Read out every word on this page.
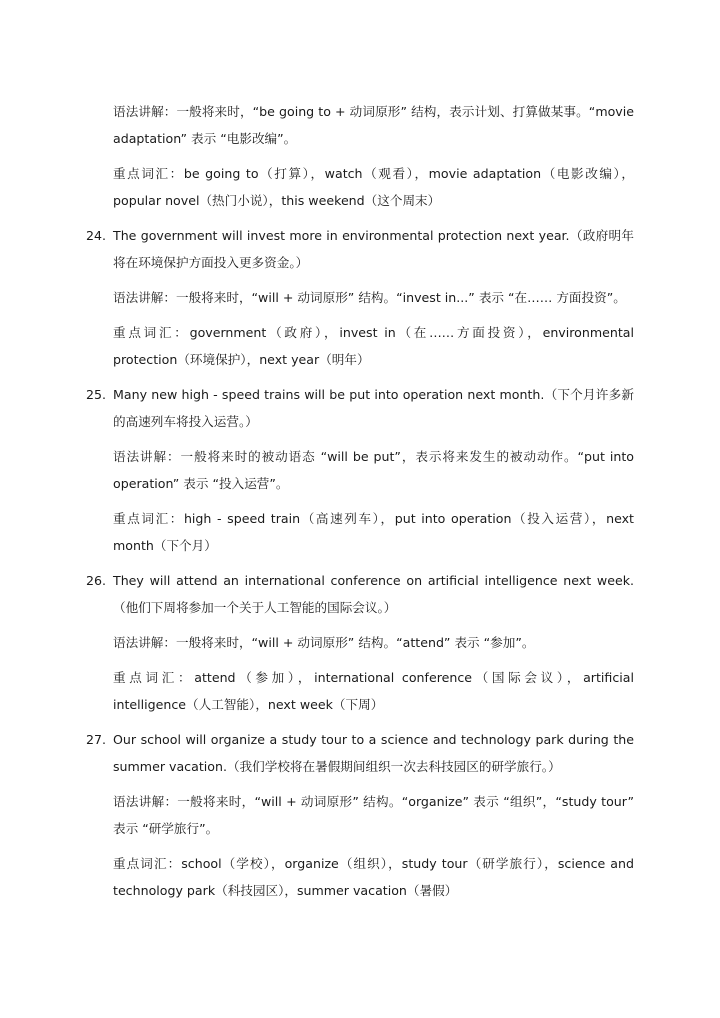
语法讲解：一般将来时，“be going to + 动词原形” 结构，表示计划、打算做某事。“movie adaptation” 表示 “电影改编”。

重点词汇：be going to（打算），watch（观看），movie adaptation（电影改编），popular novel（热门小说），this weekend（这个周末）

24. The government will invest more in environmental protection next year.（政府明年将在环境保护方面投入更多资金。）

语法讲解：一般将来时，“will + 动词原形” 结构。“invest in...” 表示 “在…… 方面投资”。

重点词汇：government（政府），invest in（在……方面投资），environmental protection（环境保护），next year（明年）

25. Many new high - speed trains will be put into operation next month.（下个月许多新的高速列车将投入运营。）

语法讲解：一般将来时的被动语态 “will be put”，表示将来发生的被动动作。“put into operation” 表示 “投入运营”。

重点词汇：high - speed train（高速列车），put into operation（投入运营），next month（下个月）

26. They will attend an international conference on artificial intelligence next week.（他们下周将参加一个关于人工智能的国际会议。）

语法讲解：一般将来时，“will + 动词原形” 结构。“attend” 表示 “参加”。

重点词汇：attend（参加），international conference（国际会议），artificial intelligence（人工智能），next week（下周）

27. Our school will organize a study tour to a science and technology park during the summer vacation.（我们学校将在暑假期间组织一次去科技园区的研学旅行。）

语法讲解：一般将来时，“will + 动词原形” 结构。“organize” 表示 “组织”，“study tour” 表示 “研学旅行”。

重点词汇：school（学校），organize（组织），study tour（研学旅行），science and technology park（科技园区），summer vacation（暑假）
